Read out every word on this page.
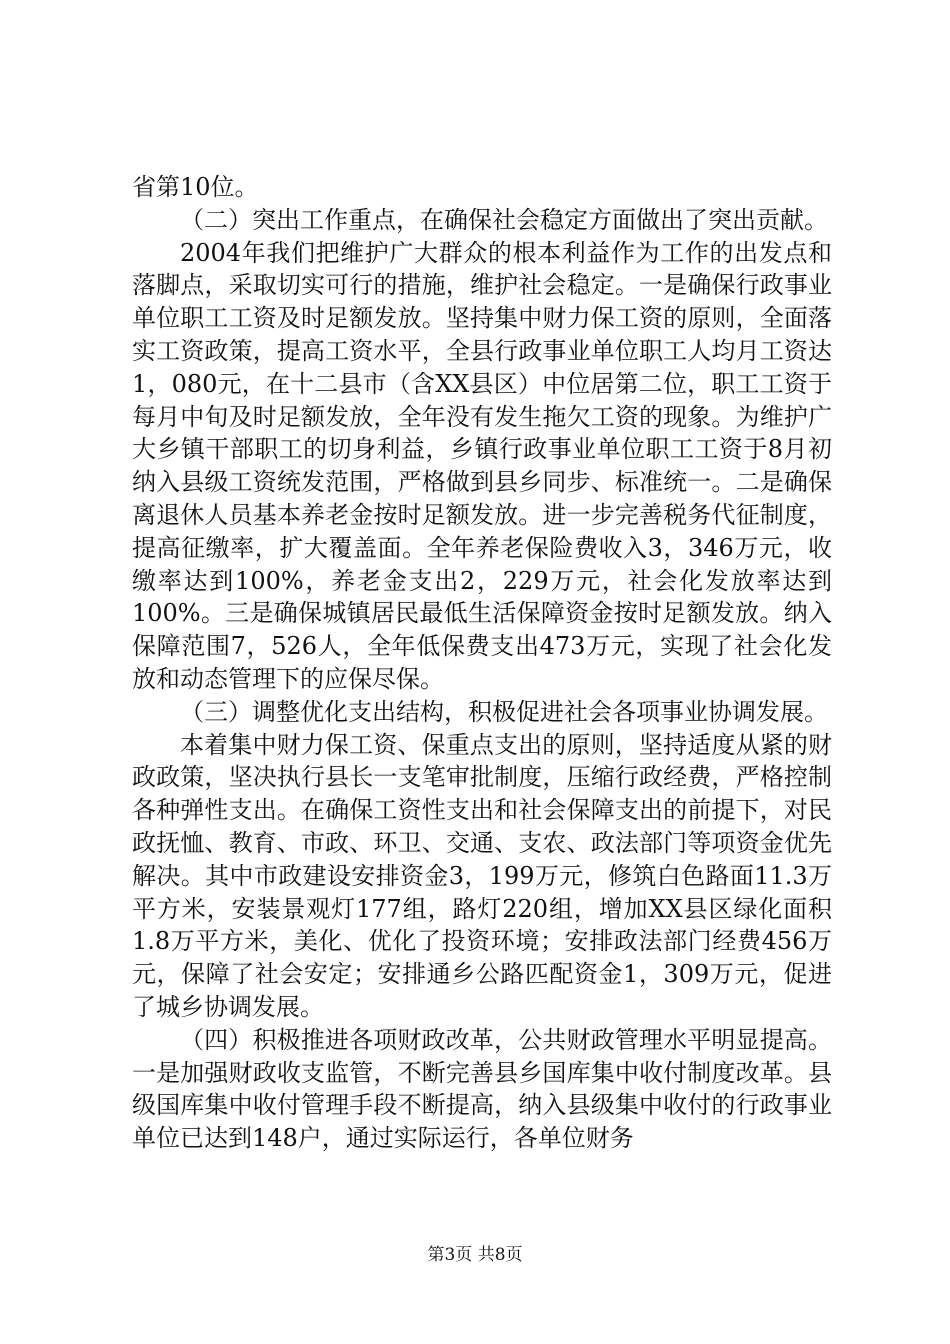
省第10位。

（二）突出工作重点，在确保社会稳定方面做出了突出贡献。

2004年我们把维护广大群众的根本利益作为工作的出发点和落脚点，采取切实可行的措施，维护社会稳定。一是确保行政事业单位职工工资及时足额发放。坚持集中财力保工资的原则，全面落实工资政策，提高工资水平，全县行政事业单位职工人均月工资达1，080元，在十二县市（含XX县区）中位居第二位，职工工资于每月中旬及时足额发放，全年没有发生拖欠工资的现象。为维护广大乡镇干部职工的切身利益，乡镇行政事业单位职工工资于8月初纳入县级工资统发范围，严格做到县乡同步、标准统一。二是确保离退休人员基本养老金按时足额发放。进一步完善税务代征制度，提高征缴率，扩大覆盖面。全年养老保险费收入3，346万元，收缴率达到100%，养老金支出2，229万元，社会化发放率达到100%。三是确保城镇居民最低生活保障资金按时足额发放。纳入保障范围7，526人，全年低保费支出473万元，实现了社会化发放和动态管理下的应保尽保。

（三）调整优化支出结构，积极促进社会各项事业协调发展。

本着集中财力保工资、保重点支出的原则，坚持适度从紧的财政政策，坚决执行县长一支笔审批制度，压缩行政经费，严格控制各种弹性支出。在确保工资性支出和社会保障支出的前提下，对民政抚恤、教育、市政、环卫、交通、支农、政法部门等项资金优先解决。其中市政建设安排资金3，199万元，修筑白色路面11.3万平方米，安装景观灯177组，路灯220组，增加XX县区绿化面积1.8万平方米，美化、优化了投资环境；安排政法部门经费456万元，保障了社会安定；安排通乡公路匹配资金1，309万元，促进了城乡协调发展。

（四）积极推进各项财政改革，公共财政管理水平明显提高。一是加强财政收支监管，不断完善县乡国库集中收付制度改革。县级国库集中收付管理手段不断提高，纳入县级集中收付的行政事业单位已达到148户，通过实际运行，各单位财务

第3页 共8页
